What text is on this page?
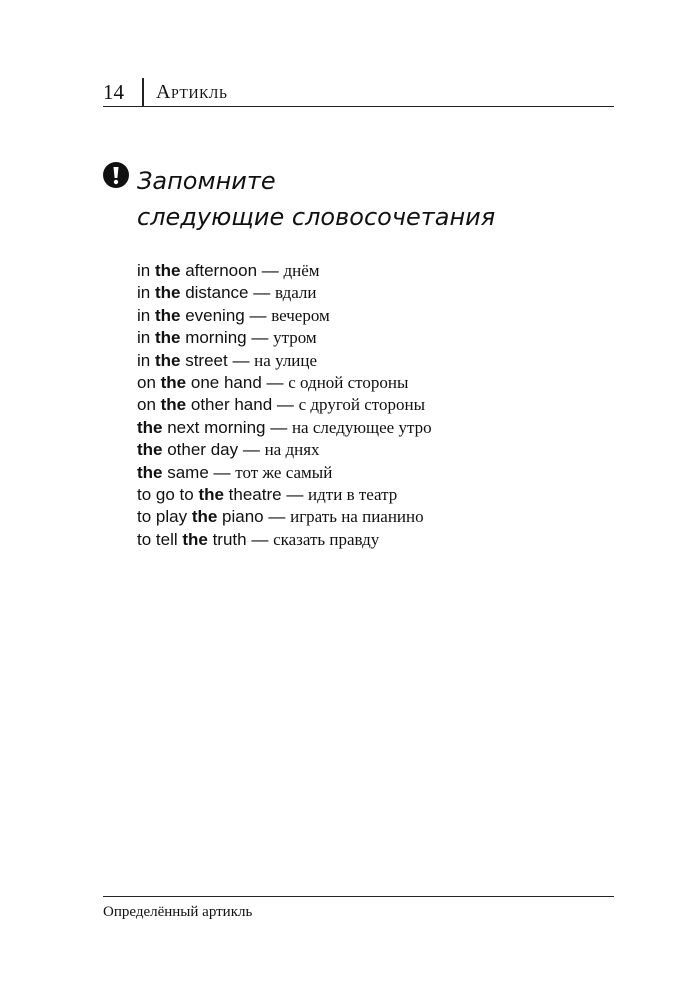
14 Артикль
Запомните
следующие словосочетания
in the afternoon — днём
in the distance — вдали
in the evening — вечером
in the morning — утром
in the street — на улице
on the one hand — с одной стороны
on the other hand — с другой стороны
the next morning — на следующее утро
the other day — на днях
the same — тот же самый
to go to the theatre — идти в театр
to play the piano — играть на пианино
to tell the truth — сказать правду
Определённый артикль
